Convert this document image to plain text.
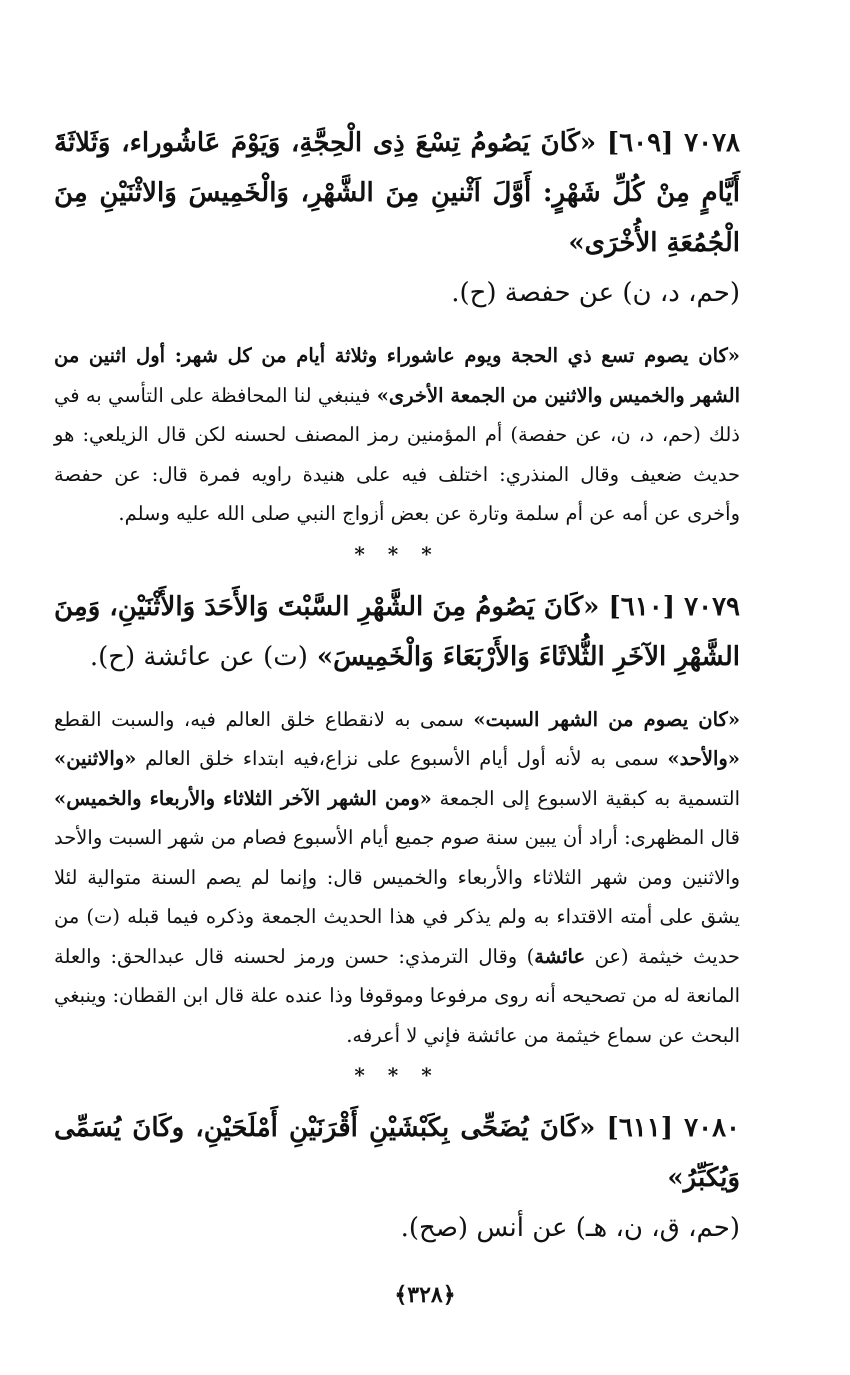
٧٠٧٨ [٦٠٩] «كَانَ يَصُومُ تِسْعَ ذِى الْحِجَّةِ، وَيَوْمَ عَاشُوراء، وَثَلاثَةَ أَيَّامٍ مِنْ كُلِّ شَهْرٍ: أَوَّلَ اَثْنينِ مِنَ الشَّهْرِ، وَالْخَمِيسَ وَالاثْنَيْنِ مِنَ الْجُمُعَةِ الأُخْرَى»
(حم، د، ن) عن حفصة (ح).

«كان يصوم تسع ذي الحجة ويوم عاشوراء وثلاثة أيام من كل شهر: أول اثنين من الشهر والخميس والاثنين من الجمعة الأخرى» فينبغي لنا المحافظة على التأسي به في ذلك (حم، د، ن، عن حفصة) أم المؤمنين رمز المصنف لحسنه لكن قال الزيلعي: هو حديث ضعيف وقال المنذري: اختلف فيه على هنيدة راويه فمرة قال: عن حفصة وأخرى عن أمه عن أم سلمة وتارة عن بعض أزواج النبي صلى الله عليه وسلم.

* * *

٧٠٧٩ [٦١٠] «كَانَ يَصُومُ مِنَ الشَّهْرِ السَّبْتَ وَالأَحَدَ وَالأَثْنَيْنِ، وَمِنَ الشَّهْرِ الآخَرِ الثُّلاثَاءَ وَالأَرْبَعَاءَ وَالْخَمِيسَ» (ت) عن عائشة (ح).

«كان يصوم من الشهر السبت» سمى به لانقطاع خلق العالم فيه، والسبت القطع «والأحد» سمى به لأنه أول أيام الأسبوع على نزاع،فيه ابتداء خلق العالم «والاثنين» التسمية به كبقية الاسبوع إلى الجمعة «ومن الشهر الآخر الثلاثاء والأربعاء والخميس» قال المظهرى: أراد أن يبين سنة صوم جميع أيام الأسبوع فصام من شهر السبت والأحد والاثنين ومن شهر الثلاثاء والأربعاء والخميس قال: وإنما لم يصم السنة متوالية لئلا يشق على أمته الاقتداء به ولم يذكر في هذا الحديث الجمعة وذكره فيما قبله (ت) من حديث خيثمة (عن عائشة) وقال الترمذي: حسن ورمز لحسنه قال عبدالحق: والعلة المانعة له من تصحيحه أنه روى مرفوعا وموقوفا وذا عنده علة قال ابن القطان: وينبغي البحث عن سماع خيثمة من عائشة فإني لا أعرفه.

* * *

٧٠٨٠ [٦١١] «كَانَ يُضَحِّى بِكَبْشَيْنِ أَقْرَنَيْنِ أَمْلَحَيْنِ، وكَانَ يُسَمِّى وَيُكَبِّرُ»
(حم، ق، ن، هـ) عن أنس (صح).

﴿٣٢٨﴾
